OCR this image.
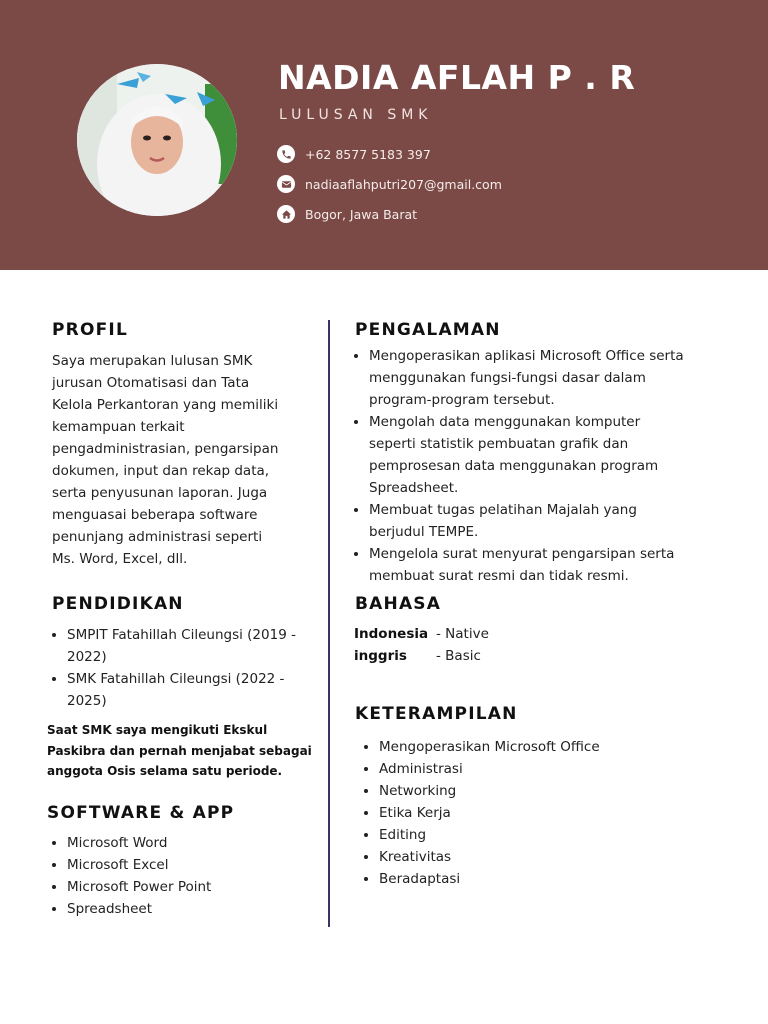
NADIA AFLAH P . R
LULUSAN SMK
+62 8577 5183 397
nadiaaflahputri207@gmail.com
Bogor, Jawa Barat
PROFIL
Saya merupakan lulusan SMK
jurusan Otomatisasi dan Tata
Kelola Perkantoran yang memiliki
kemampuan terkait
pengadministrasian, pengarsipan
dokumen, input dan rekap data,
serta penyusunan laporan. Juga
menguasai beberapa software
penunjang administrasi seperti
Ms. Word, Excel, dll.
PENDIDIKAN
• SMPIT Fatahillah Cileungsi (2019 -
2022)
• SMK Fatahillah Cileungsi (2022 -
2025)
Saat SMK saya mengikuti Ekskul
Paskibra dan pernah menjabat sebagai
anggota Osis selama satu periode.
SOFTWARE & APP
• Microsoft Word
• Microsoft Excel
• Microsoft Power Point
• Spreadsheet
PENGALAMAN
• Mengoperasikan aplikasi Microsoft Office serta
menggunakan fungsi-fungsi dasar dalam
program-program tersebut.
• Mengolah data menggunakan komputer
seperti statistik pembuatan grafik dan
pemprosesan data menggunakan program
Spreadsheet.
• Membuat tugas pelatihan Majalah yang
berjudul TEMPE.
• Mengelola surat menyurat pengarsipan serta
membuat surat resmi dan tidak resmi.
BAHASA
Indonesia - Native
inggris - Basic
KETERAMPILAN
• Mengoperasikan Microsoft Office
• Administrasi
• Networking
• Etika Kerja
• Editing
• Kreativitas
• Beradaptasi
